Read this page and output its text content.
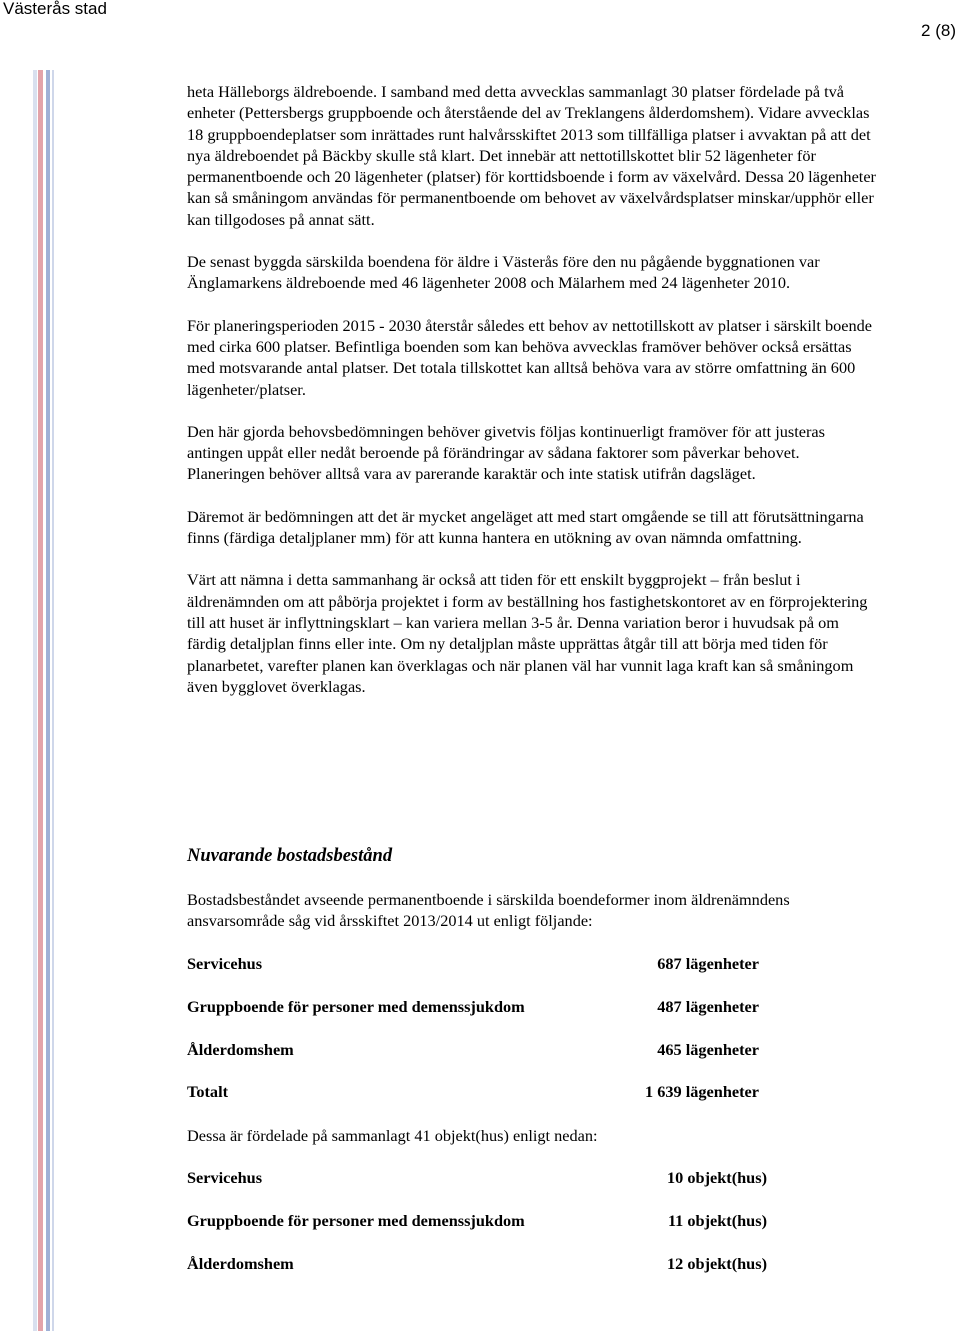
Västerås stad
2 (8)

heta Hälleborgs äldreboende. I samband med detta avvecklas sammanlagt 30 platser fördelade på två enheter (Pettersbergs gruppboende och återstående del av Treklangens ålderdomshem). Vidare avvecklas 18 gruppboendeplatser som inrättades runt halvårsskiftet 2013 som tillfälliga platser i avvaktan på att det nya äldreboendet på Bäckby skulle stå klart. Det innebär att nettotillskottet blir 52 lägenheter för permanentboende och 20 lägenheter (platser) för korttidsboende i form av växelvård. Dessa 20 lägenheter kan så småningom användas för permanentboende om behovet av växelvårdsplatser minskar/upphör eller kan tillgodoses på annat sätt.

De senast byggda särskilda boendena för äldre i Västerås före den nu pågående byggnationen var Änglamarkens äldreboende med 46 lägenheter 2008 och Mälarhem med 24 lägenheter 2010.

För planeringsperioden 2015 - 2030 återstår således ett behov av nettotillskott av platser i särskilt boende med cirka 600 platser. Befintliga boenden som kan behöva avvecklas framöver behöver också ersättas med motsvarande antal platser. Det totala tillskottet kan alltså behöva vara av större omfattning än 600 lägenheter/platser.

Den här gjorda behovsbedömningen behöver givetvis följas kontinuerligt framöver för att justeras antingen uppåt eller nedåt beroende på förändringar av sådana faktorer som påverkar behovet. Planeringen behöver alltså vara av parerande karaktär och inte statisk utifrån dagsläget.

Däremot är bedömningen att det är mycket angeläget att med start omgående se till att förutsättningarna finns (färdiga detaljplaner mm) för att kunna hantera en utökning av ovan nämnda omfattning.

Värt att nämna i detta sammanhang är också att tiden för ett enskilt byggprojekt – från beslut i äldrenämnden om att påbörja projektet i form av beställning hos fastighetskontoret av en förprojektering till att huset är inflyttningsklart – kan variera mellan 3-5 år. Denna variation beror i huvudsak på om färdig detaljplan finns eller inte. Om ny detaljplan måste upprättas åtgår till att börja med tiden för planarbetet, varefter planen kan överklagas och när planen väl har vunnit laga kraft kan så småningom även bygglovet överklagas.

Nuvarande bostadsbestånd

Bostadsbeståndet avseende permanentboende i särskilda boendeformer inom äldrenämndens ansvarsområde såg vid årsskiftet 2013/2014 ut enligt följande:

Servicehus	687 lägenheter
Gruppboende för personer med demenssjukdom	487 lägenheter
Ålderdomshem	465 lägenheter
Totalt	1 639 lägenheter
Dessa är fördelade på sammanlagt 41 objekt(hus) enligt nedan:
Servicehus	10 objekt(hus)
Gruppboende för personer med demenssjukdom	11 objekt(hus)
Ålderdomshem	12 objekt(hus)
